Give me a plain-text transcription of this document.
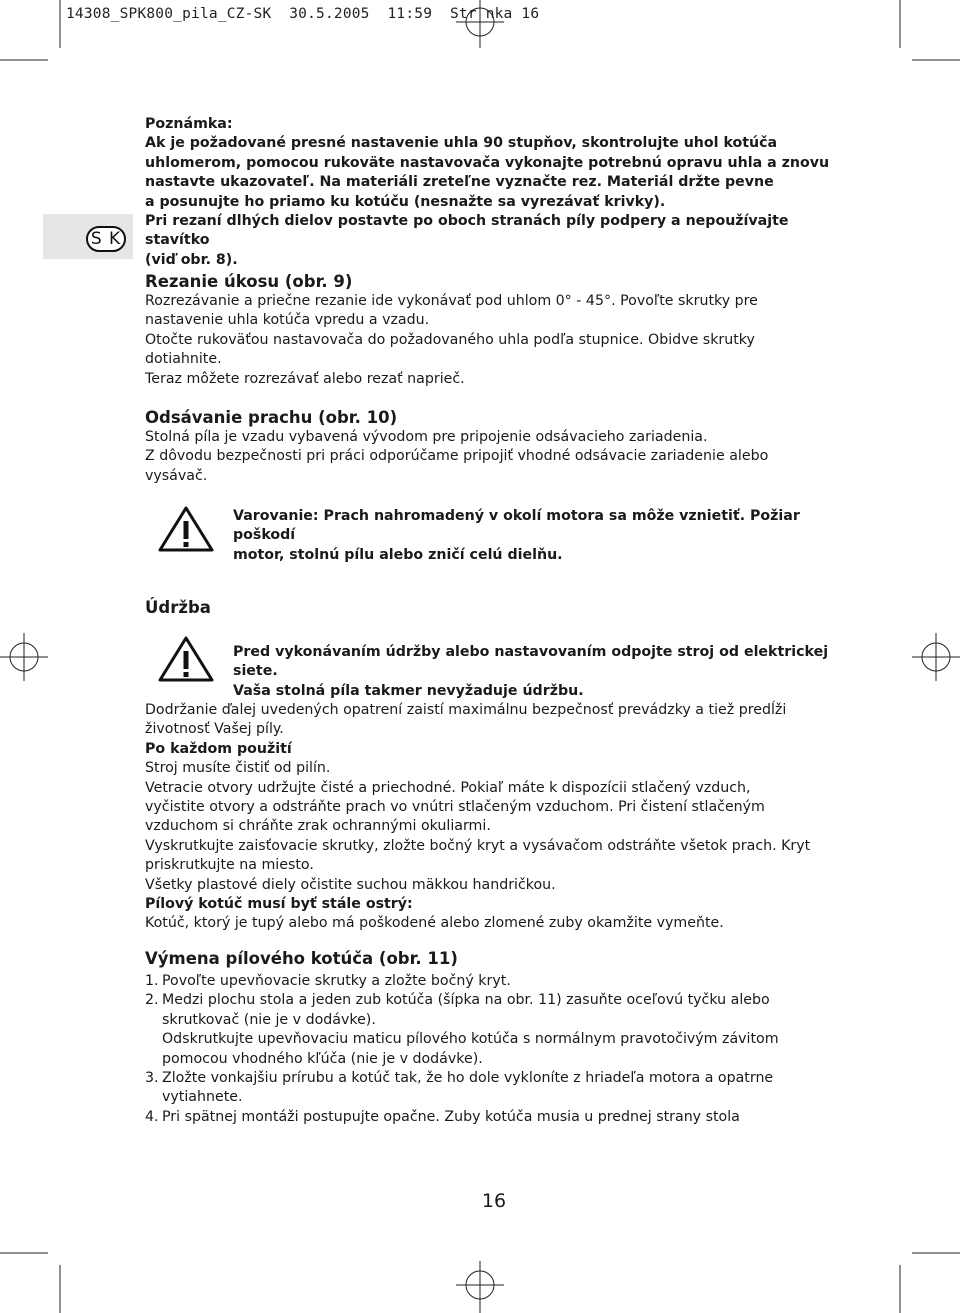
14308_SPK800_pila_CZ-SK  30.5.2005  11:59  Str nka 16
S K

Poznámka:

Ak je požadované presné nastavenie uhla 90 stupňov, skontrolujte uhol kotúča

uhlomerom, pomocou rukoväte nastavovača vykonajte potrebnú opravu uhla a znovu

nastavte ukazovateľ. Na materiáli zreteľne vyznačte rez. Materiál držte pevne

a posunujte ho priamo ku kotúču (nesnažte sa vyrezávať krivky).

Pri rezaní dlhých dielov postavte po oboch stranách píly podpery a nepoužívajte stavítko

(viď obr. 8).

Rezanie úkosu (obr. 9)

Rozrezávanie a priečne rezanie ide vykonávať pod uhlom 0° - 45°. Povoľte skrutky pre

nastavenie uhla kotúča vpredu a vzadu.

Otočte rukoväťou nastavovača do požadovaného uhla podľa stupnice. Obidve skrutky

dotiahnite.

Teraz môžete rozrezávať alebo rezať naprieč.

Odsávanie prachu (obr. 10)

Stolná píla je vzadu vybavená vývodom pre pripojenie odsávacieho zariadenia.

Z dôvodu bezpečnosti pri práci odporúčame pripojiť vhodné odsávacie zariadenie alebo

vysávač.

Varovanie: Prach nahromadený v okolí motora sa môže vznietiť. Požiar poškodí

motor, stolnú pílu alebo zničí celú dielňu.

Údržba

Pred vykonávaním údržby alebo nastavovaním odpojte stroj od elektrickej siete.

Vaša stolná píla takmer nevyžaduje údržbu.

Dodržanie ďalej uvedených opatrení zaistí maximálnu bezpečnosť prevádzky a tiež predĺži

životnosť Vašej píly.

Po každom použití

Stroj musíte čistiť od pilín.

Vetracie otvory udržujte čisté a priechodné. Pokiaľ máte k dispozícii stlačený vzduch,

vyčistite otvory a odstráňte prach vo vnútri stlačeným vzduchom. Pri čistení stlačeným

vzduchom si chráňte zrak ochrannými okuliarmi.

Vyskrutkujte zaisťovacie skrutky, zložte bočný kryt a vysávačom odstráňte všetok prach. Kryt

priskrutkujte na miesto.

Všetky plastové diely očistite suchou mäkkou handričkou.

Pílový kotúč musí byť stále ostrý:

Kotúč, ktorý je tupý alebo má poškodené alebo zlomené zuby okamžite vymeňte.

Výmena pílového kotúča (obr. 11)
1. Povoľte upevňovacie skrutky a zložte bočný kryt.
2. Medzi plochu stola a jeden zub kotúča (šípka na obr. 11) zasuňte oceľovú tyčku alebo
skrutkovač (nie je v dodávke).
Odskrutkujte upevňovaciu maticu pílového kotúča s normálnym pravotočivým závitom
pomocou vhodného kľúča (nie je v dodávke).
3. Zložte vonkajšiu prírubu a kotúč tak, že ho dole vykloníte z hriadeľa motora a opatrne
vytiahnete.
4. Pri spätnej montáži postupujte opačne. Zuby kotúča musia u prednej strany stola
16
